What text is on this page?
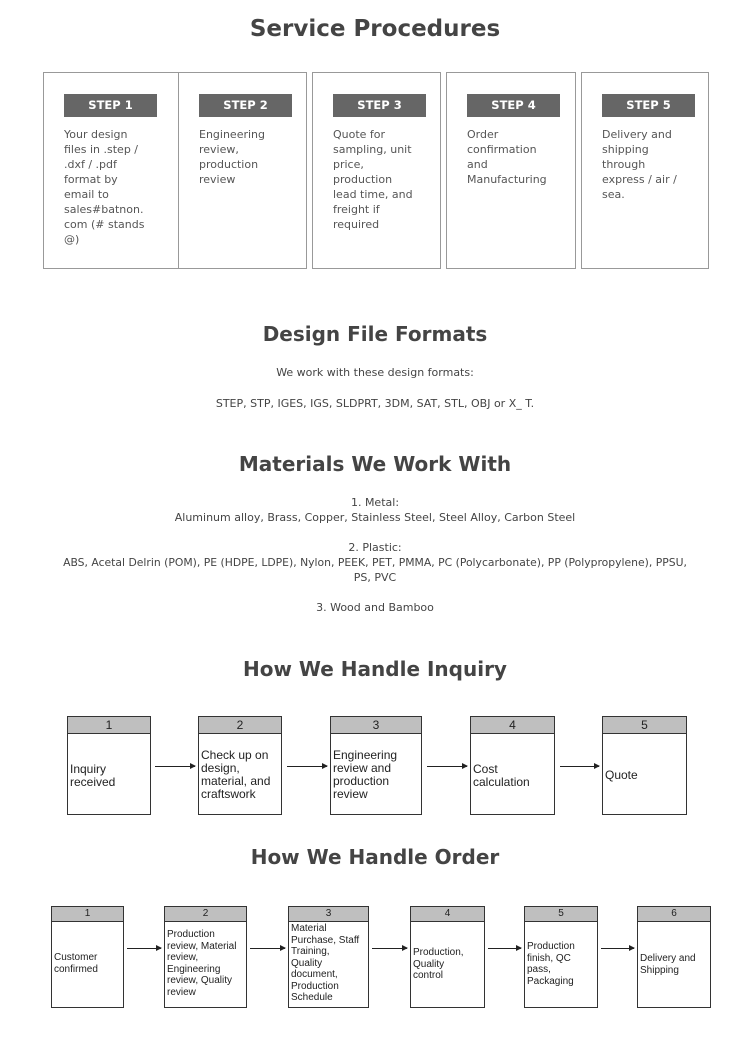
Service Procedures
STEP 1
Your design
files in .step /
.dxf / .pdf
format by
email to
sales#batnon.
com (# stands
@)
STEP 2
Engineering
review,
production
review
STEP 3
Quote for
sampling, unit
price,
production
lead time, and
freight if
required
STEP 4
Order
confirmation
and
Manufacturing
STEP 5
Delivery and
shipping
through
express / air /
sea.
Design File Formats
We work with these design formats:
STEP, STP, IGES, IGS, SLDPRT, 3DM, SAT, STL, OBJ or X_ T.
Materials We Work With
1. Metal:
Aluminum alloy, Brass, Copper, Stainless Steel, Steel Alloy, Carbon Steel
2. Plastic:
ABS, Acetal Delrin (POM), PE (HDPE, LDPE), Nylon, PEEK, PET, PMMA, PC (Polycarbonate), PP (Polypropylene), PPSU,
PS, PVC
3. Wood and Bamboo
How We Handle Inquiry
1
Inquiry
received
2
Check up on
design,
material, and
craftswork
3
Engineering
review and
production
review
4
Cost
calculation
5
Quote
How We Handle Order
1
Customer
confirmed
2
Production
review, Material
review,
Engineering
review, Quality
review
3
Material
Purchase, Staff
Training,
Quality
document,
Production
Schedule
4
Production,
Quality
control
5
Production
finish, QC
pass,
Packaging
6
Delivery and
Shipping
